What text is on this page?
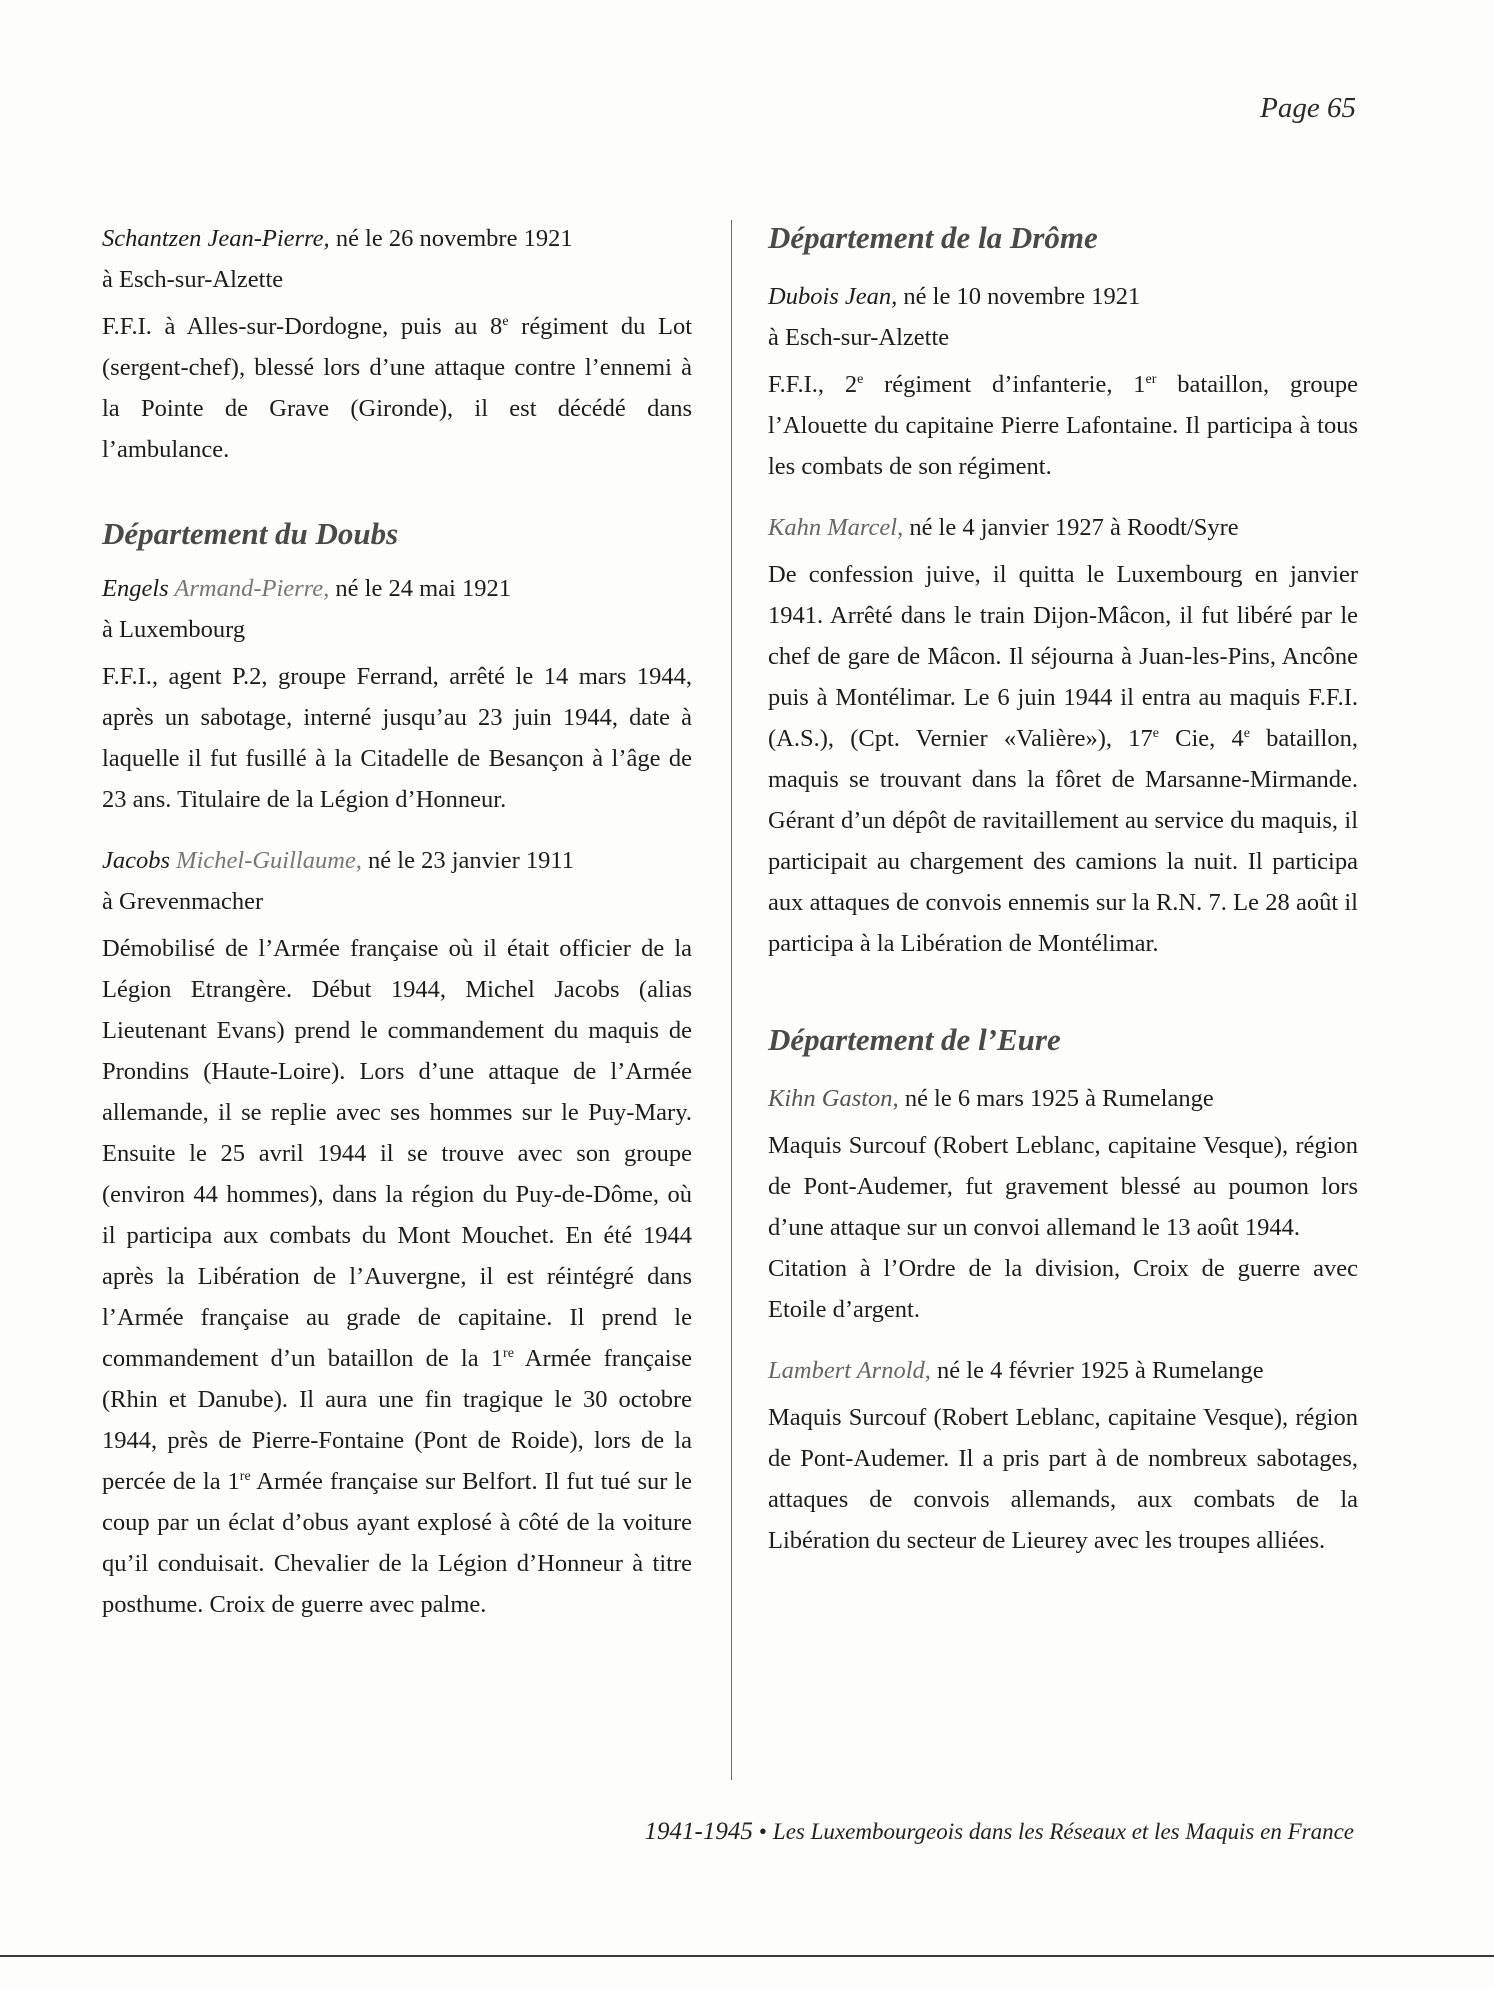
Page 65

Schantzen Jean-Pierre, né le 26 novembre 1921
à Esch-sur-Alzette

F.F.I. à Alles-sur-Dordogne, puis au 8e régiment du Lot (sergent-chef), blessé lors d’une attaque contre l’ennemi à la Pointe de Grave (Gironde), il est décédé dans l’ambulance.

Département du Doubs

Engels Armand-Pierre, né le 24 mai 1921
à Luxembourg

F.F.I., agent P.2, groupe Ferrand, arrêté le 14 mars 1944, après un sabotage, interné jusqu’au 23 juin 1944, date à laquelle il fut fusillé à la Citadelle de Besançon à l’âge de 23 ans. Titulaire de la Légion d’Honneur.

Jacobs Michel-Guillaume, né le 23 janvier 1911
à Grevenmacher

Démobilisé de l’Armée française où il était officier de la Légion Etrangère. Début 1944, Michel Jacobs (alias Lieutenant Evans) prend le commandement du maquis de Prondins (Haute-Loire). Lors d’une attaque de l’Armée allemande, il se replie avec ses hommes sur le Puy-Mary. Ensuite le 25 avril 1944 il se trouve avec son groupe (environ 44 hommes), dans la région du Puy-de-Dôme, où il participa aux combats du Mont Mouchet. En été 1944 après la Libération de l’Auvergne, il est réintégré dans l’Armée française au grade de capitaine. Il prend le commandement d’un bataillon de la 1re Armée française (Rhin et Danube). Il aura une fin tragique le 30 octobre 1944, près de Pierre-Fontaine (Pont de Roide), lors de la percée de la 1re Armée française sur Belfort. Il fut tué sur le coup par un éclat d’obus ayant explosé à côté de la voiture qu’il conduisait. Chevalier de la Légion d’Honneur à titre posthume. Croix de guerre avec palme.

Département de la Drôme

Dubois Jean, né le 10 novembre 1921
à Esch-sur-Alzette

F.F.I., 2e régiment d’infanterie, 1er bataillon, groupe l’Alouette du capitaine Pierre Lafontaine. Il participa à tous les combats de son régiment.

Kahn Marcel, né le 4 janvier 1927 à Roodt/Syre

De confession juive, il quitta le Luxembourg en janvier 1941. Arrêté dans le train Dijon-Mâcon, il fut libéré par le chef de gare de Mâcon. Il séjourna à Juan-les-Pins, Ancône puis à Montélimar. Le 6 juin 1944 il entra au maquis F.F.I. (A.S.), (Cpt. Vernier «Valière»), 17e Cie, 4e bataillon, maquis se trouvant dans la fôret de Marsanne-Mirmande. Gérant d’un dépôt de ravitaillement au service du maquis, il participait au chargement des camions la nuit. Il participa aux attaques de convois ennemis sur la R.N. 7. Le 28 août il participa à la Libération de Montélimar.

Département de l’Eure

Kihn Gaston, né le 6 mars 1925 à Rumelange

Maquis Surcouf (Robert Leblanc, capitaine Vesque), région de Pont-Audemer, fut gravement blessé au poumon lors d’une attaque sur un convoi allemand le 13 août 1944.

Citation à l’Ordre de la division, Croix de guerre avec Etoile d’argent.

Lambert Arnold, né le 4 février 1925 à Rumelange

Maquis Surcouf (Robert Leblanc, capitaine Vesque), région de Pont-Audemer. Il a pris part à de nombreux sabotages, attaques de convois allemands, aux combats de la Libération du secteur de Lieurey avec les troupes alliées.

1941-1945 • Les Luxembourgeois dans les Réseaux et les Maquis en France
